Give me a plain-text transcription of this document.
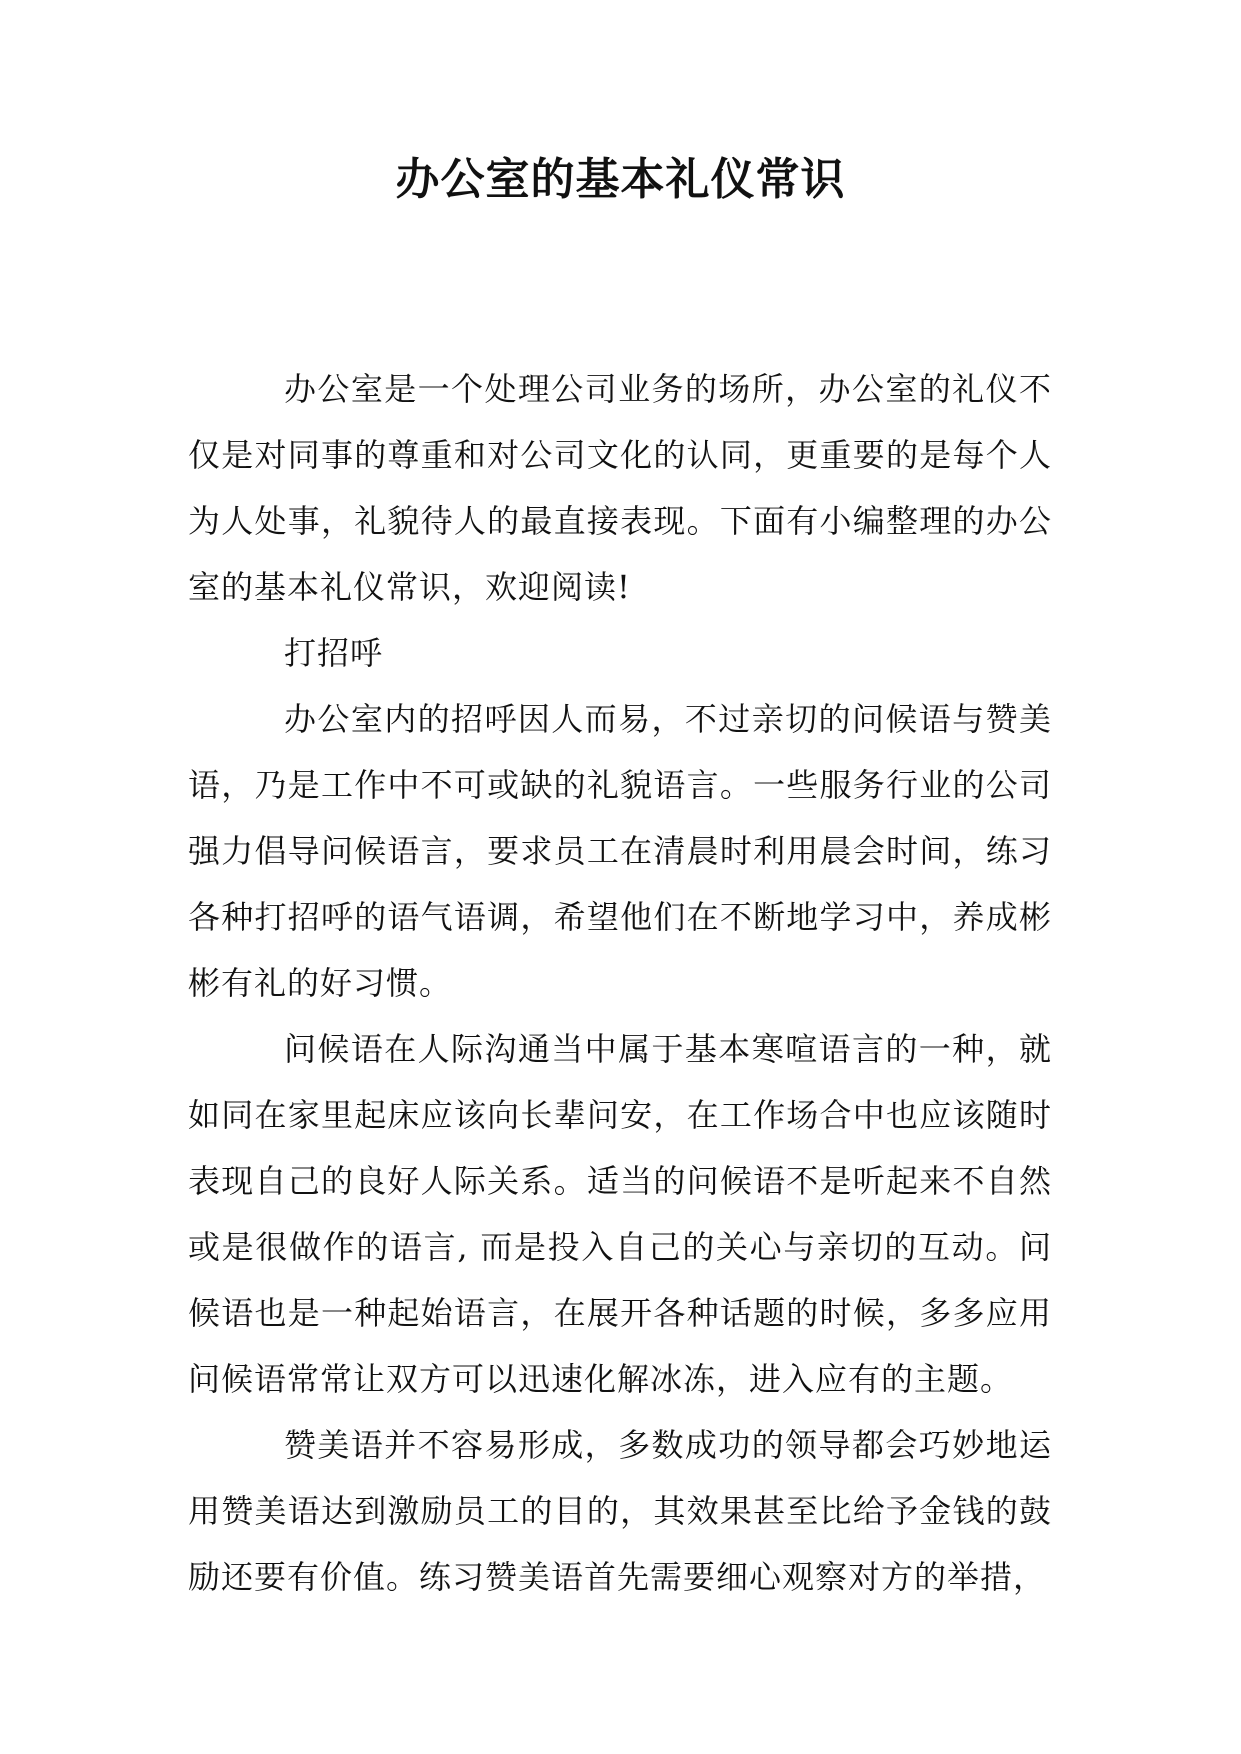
办公室的基本礼仪常识

办公室是一个处理公司业务的场所，办公室的礼仪不仅是对同事的尊重和对公司文化的认同，更重要的是每个人为人处事，礼貌待人的最直接表现。下面有小编整理的办公室的基本礼仪常识，欢迎阅读!

打招呼

办公室内的招呼因人而易，不过亲切的问候语与赞美语，乃是工作中不可或缺的礼貌语言。一些服务行业的公司强力倡导问候语言，要求员工在清晨时利用晨会时间，练习各种打招呼的语气语调，希望他们在不断地学习中，养成彬彬有礼的好习惯。

问候语在人际沟通当中属于基本寒喧语言的一种，就如同在家里起床应该向长辈问安，在工作场合中也应该随时表现自己的良好人际关系。适当的问候语不是听起来不自然或是很做作的语言, 而是投入自己的关心与亲切的互动。问候语也是一种起始语言，在展开各种话题的时候，多多应用问候语常常让双方可以迅速化解冰冻，进入应有的主题。

赞美语并不容易形成，多数成功的领导都会巧妙地运用赞美语达到激励员工的目的，其效果甚至比给予金钱的鼓励还要有价值。练习赞美语首先需要细心观察对方的举措，
